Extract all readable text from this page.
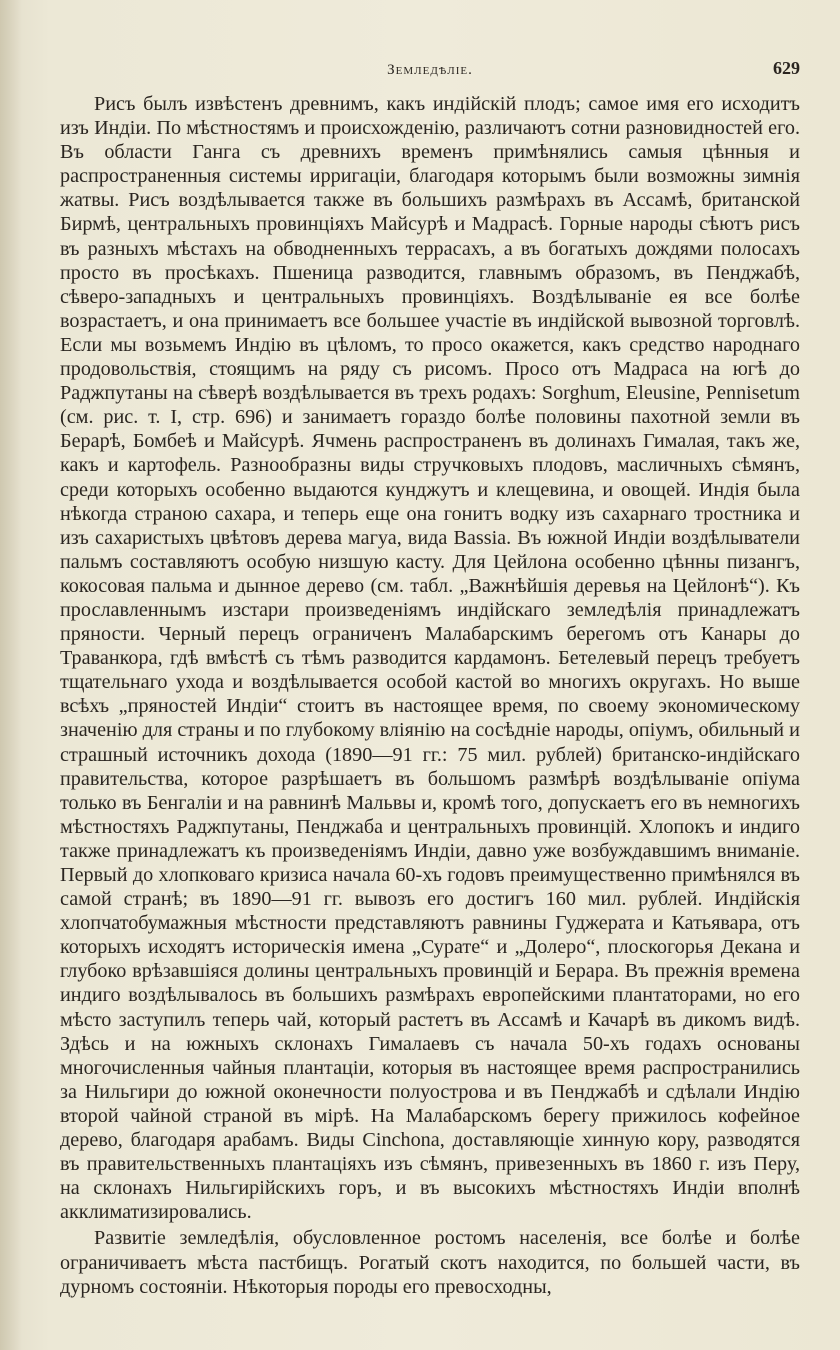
Земледѣліе.	629

Рисъ былъ извѣстенъ древнимъ, какъ индійскій плодъ; самое имя его исходитъ изъ Индіи. По мѣстностямъ и происхожденію, различаютъ сотни разновидностей его. Въ области Ганга съ древнихъ временъ примѣнялись самыя цѣнныя и распространенныя системы ирригаціи, благодаря которымъ были возможны зимнія жатвы. Рисъ воздѣлывается также въ большихъ размѣрахъ въ Ассамѣ, британской Бирмѣ, центральныхъ провинціяхъ Майсурѣ и Мадрасѣ. Горные народы сѣютъ рисъ въ разныхъ мѣстахъ на обводненныхъ террасахъ, а въ богатыхъ дождями полосахъ просто въ просѣкахъ. Пшеница разводится, главнымъ образомъ, въ Пенджабѣ, сѣверо-западныхъ и центральныхъ провинціяхъ. Воздѣлываніе ея все болѣе возрастаетъ, и она принимаетъ все большее участіе въ индійской вывозной торговлѣ. Если мы возьмемъ Индію въ цѣломъ, то просо окажется, какъ средство народнаго продовольствія, стоящимъ на ряду съ рисомъ. Просо отъ Мадраса на югѣ до Раджпутаны на сѣверѣ воздѣлывается въ трехъ родахъ: Sorghum, Eleusine, Pennisetum (см. рис. т. I, стр. 696) и занимаетъ гораздо болѣе половины пахотной земли въ Берарѣ, Бомбеѣ и Майсурѣ. Ячмень распространенъ въ долинахъ Гималая, такъ же, какъ и картофель. Разнообразны виды стручковыхъ плодовъ, масличныхъ сѣмянъ, среди которыхъ особенно выдаются кунджутъ и клещевина, и овощей. Индія была нѣкогда страною сахара, и теперь еще она гонитъ водку изъ сахарнаго тростника и изъ сахаристыхъ цвѣтовъ дерева магуа, вида Bassia. Въ южной Индіи воздѣлыватели пальмъ составляютъ особую низшую касту. Для Цейлона особенно цѣнны пизангъ, кокосовая пальма и дынное дерево (см. табл. „Важнѣйшія деревья на Цейлонѣ“). Къ прославленнымъ изстари произведеніямъ индійскаго земледѣлія принадлежатъ пряности. Черный перецъ ограниченъ Малабарскимъ берегомъ отъ Канары до Траванкора, гдѣ вмѣстѣ съ тѣмъ разводится кардамонъ. Бетелевый перецъ требуетъ тщательнаго ухода и воздѣлывается особой кастой во многихъ округахъ. Но выше всѣхъ „пряностей Индіи“ стоитъ въ настоящее время, по своему экономическому значенію для страны и по глубокому вліянію на сосѣдніе народы, опіумъ, обильный и страшный источникъ дохода (1890—91 гг.: 75 мил. рублей) британско-индійскаго правительства, которое разрѣшаетъ въ большомъ размѣрѣ воздѣлываніе опіума только въ Бенгаліи и на равнинѣ Мальвы и, кромѣ того, допускаетъ его въ немногихъ мѣстностяхъ Раджпутаны, Пенджаба и центральныхъ провинцій. Хлопокъ и индиго также принадлежатъ къ произведеніямъ Индіи, давно уже возбуждавшимъ вниманіе. Первый до хлопковаго кризиса начала 60-хъ годовъ преимущественно примѣнялся въ самой странѣ; въ 1890—91 гг. вывозъ его достигъ 160 мил. рублей. Индійскія хлопчатобумажныя мѣстности представляютъ равнины Гуджерата и Катьявара, отъ которыхъ исходятъ историческія имена „Сурате“ и „Долеро“, плоскогорья Декана и глубоко врѣзавшіяся долины центральныхъ провинцій и Берара. Въ прежнія времена индиго воздѣлывалось въ большихъ размѣрахъ европейскими плантаторами, но его мѣсто заступилъ теперь чай, который растетъ въ Ассамѣ и Качарѣ въ дикомъ видѣ. Здѣсь и на южныхъ склонахъ Гималаевъ съ начала 50-хъ годахъ основаны многочисленныя чайныя плантаціи, которыя въ настоящее время распространились за Нильгири до южной оконечности полуострова и въ Пенджабѣ и сдѣлали Индію второй чайной страной въ мірѣ. На Малабарскомъ берегу прижилось кофейное дерево, благодаря арабамъ. Виды Cinchona, доставляющіе хинную кору, разводятся въ правительственныхъ плантаціяхъ изъ сѣмянъ, привезенныхъ въ 1860 г. изъ Перу, на склонахъ Нильгирійскихъ горъ, и въ высокихъ мѣстностяхъ Индіи вполнѣ акклиматизировались.

Развитіе земледѣлія, обусловленное ростомъ населенія, все болѣе и болѣе ограничиваетъ мѣста пастбищъ. Рогатый скотъ находится, по большей части, въ дурномъ состояніи. Нѣкоторыя породы его превосходны,
